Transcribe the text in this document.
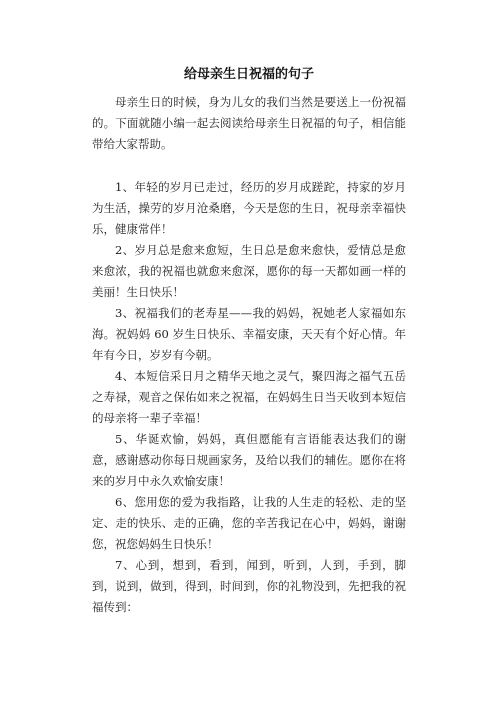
给母亲生日祝福的句子

母亲生日的时候，身为儿女的我们当然是要送上一份祝福的。下面就随小编一起去阅读给母亲生日祝福的句子，相信能带给大家帮助。

1、年轻的岁月已走过，经历的岁月成蹉跎，持家的岁月为生活，操劳的岁月沧桑磨，今天是您的生日，祝母亲幸福快乐，健康常伴！

2、岁月总是愈来愈短，生日总是愈来愈快，爱情总是愈来愈浓，我的祝福也就愈来愈深，愿你的每一天都如画一样的美丽！生日快乐！

3、祝福我们的老寿星——我的妈妈，祝她老人家福如东海。祝妈妈 60 岁生日快乐、幸福安康，天天有个好心情。年年有今日，岁岁有今朝。

4、本短信采日月之精华天地之灵气，聚四海之福气五岳之寿禄，观音之保佑如来之祝福，在妈妈生日当天收到本短信的母亲将一辈子幸福！

5、华诞欢愉，妈妈，真但愿能有言语能表达我们的谢意，感谢感动你每日规画家务，及给以我们的辅佐。愿你在将来的岁月中永久欢愉安康！

6、您用您的爱为我指路，让我的人生走的轻松、走的坚定、走的快乐、走的正确，您的辛苦我记在心中，妈妈，谢谢您，祝您妈妈生日快乐！

7、心到，想到，看到，闻到，听到，人到，手到，脚到，说到，做到，得到，时间到，你的礼物没到，先把我的祝福传到：
